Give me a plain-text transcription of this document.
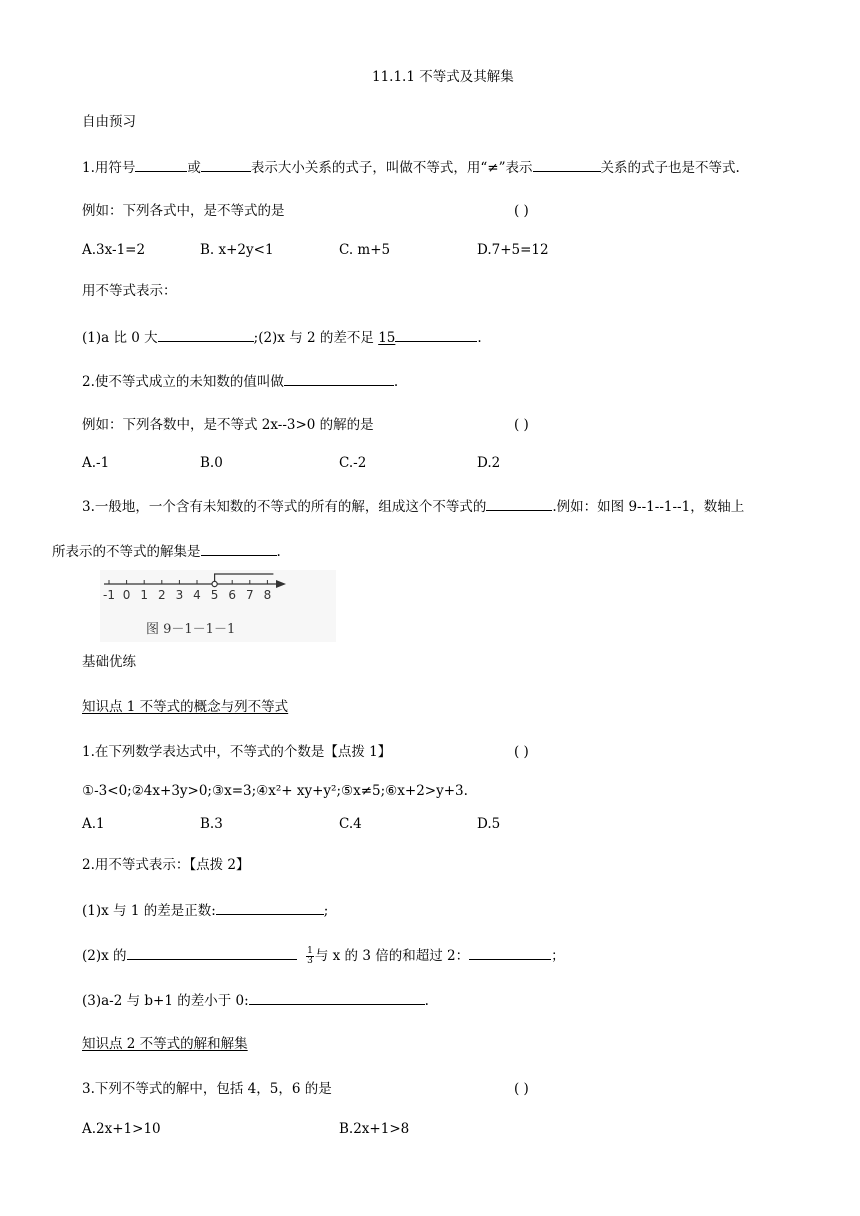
11.1.1 不等式及其解集
自由预习
1.用符号	或	表示大小关系的式子，叫做不等式，用“≠”表示	关系的式子也是不等式.
例如：下列各式中，是不等式的是	( )
A.3x-1=2	B. x+2y<1	C. m+5	D.7+5=12
用不等式表示：
(1)a 比 0 大	;(2)x 与 2 的差不足 15	.
2.使不等式成立的未知数的值叫做	.
例如：下列各数中，是不等式 2x--3>0 的解的是	( )
A.-1	B.0	C.-2	D.2
3.一般地，一个含有未知数的不等式的所有的解，组成这个不等式的	.例如：如图 9--1--1--1，数轴上
所表示的不等式的解集是	.
-1 0 1 2 3 4 5 6 7 8
图 9－1－1－1
基础优练
知识点 1 不等式的概念与列不等式
1.在下列数学表达式中，不等式的个数是【点拨 1】	( )
①-3<0;②4x+3y>0;③x=3;④x²+ xy+y²;⑤x≠5;⑥x+2>y+3.
A.1	B.3	C.4	D.5
2.用不等式表示：【点拨 2】
(1)x 与 1 的差是正数:	;
(2)x 的	$\frac{1}{3}$ 与 x 的 3 倍的和超过 2：	；
(3)a-2 与 b+1 的差小于 0:	.
知识点 2 不等式的解和解集
3.下列不等式的解中，包括 4，5，6 的是	( )
A.2x+1>10	B.2x+1>8
